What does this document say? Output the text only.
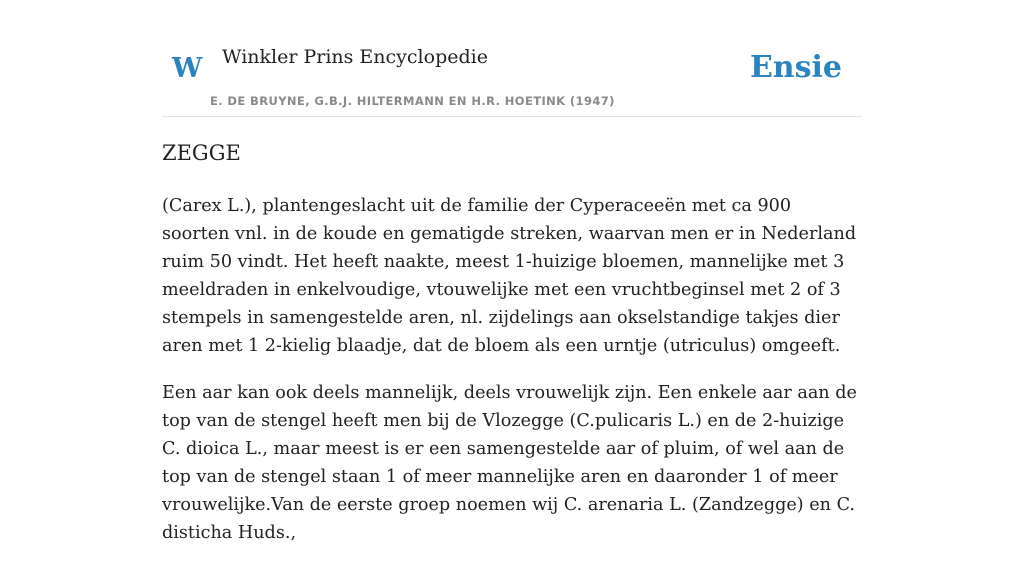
W Winkler Prins Encyclopedie
E. DE BRUYNE, G.B.J. HILTERMANN EN H.R. HOETINK (1947)
Ensie
ZEGGE

(Carex L.), plantengeslacht uit de familie der Cyperaceeën met ca 900 soorten vnl. in de koude en gematigde streken, waarvan men er in Nederland ruim 50 vindt. Het heeft naakte, meest 1-huizige bloemen, mannelijke met 3 meeldraden in enkelvoudige, vtouwelijke met een vruchtbeginsel met 2 of 3 stempels in samengestelde aren, nl. zijdelings aan okselstandige takjes dier aren met 1 2-kielig blaadje, dat de bloem als een urntje (utriculus) omgeeft.

Een aar kan ook deels mannelijk, deels vrouwelijk zijn. Een enkele aar aan de top van de stengel heeft men bij de Vlozegge (C.pulicaris L.) en de 2-huizige C. dioica L., maar meest is er een samengestelde aar of pluim, of wel aan de top van de stengel staan 1 of meer mannelijke aren en daaronder 1 of meer vrouwelijke.Van de eerste groep noemen wij C. arenaria L. (Zandzegge) en C. disticha Huds.,
